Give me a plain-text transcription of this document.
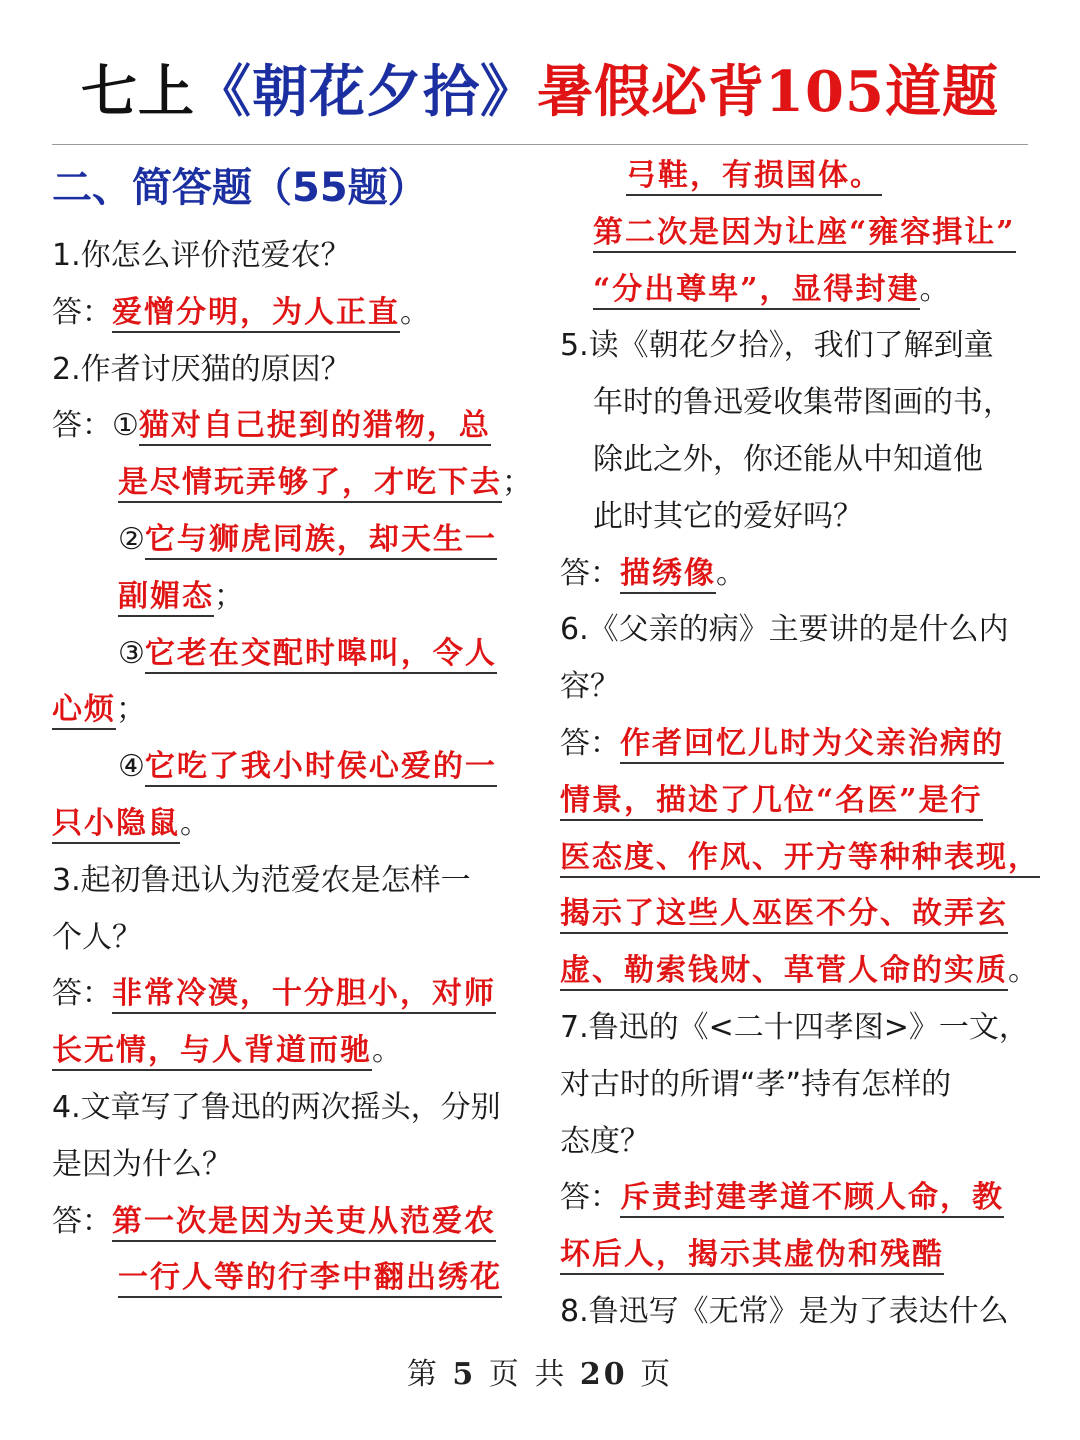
七上《朝花夕拾》暑假必背105道题
二、简答题（55题）
1.你怎么评价范爱农？
答：爱憎分明，为人正直。
2.作者讨厌猫的原因？
答：①猫对自己捉到的猎物，总
是尽情玩弄够了，才吃下去；
②它与狮虎同族，却天生一
副媚态；
③它老在交配时嗥叫，令人
心烦；
④它吃了我小时侯心爱的一
只小隐鼠。
3.起初鲁迅认为范爱农是怎样一
个人？
答：非常冷漠，十分胆小，对师
长无情，与人背道而驰。
4.文章写了鲁迅的两次摇头，分别
是因为什么？
答：第一次是因为关吏从范爱农
一行人等的行李中翻出绣花
弓鞋，有损国体。
第二次是因为让座“雍容揖让”
“分出尊卑”，显得封建。
5.读《朝花夕拾》，我们了解到童
年时的鲁迅爱收集带图画的书，
除此之外，你还能从中知道他
此时其它的爱好吗？
答：描绣像。
6.《父亲的病》主要讲的是什么内
容？
答：作者回忆儿时为父亲治病的
情景，描述了几位“名医”是行
医态度、作风、开方等种种表现，
揭示了这些人巫医不分、故弄玄
虚、勒索钱财、草菅人命的实质。
7.鲁迅的《<二十四孝图>》一文，
对古时的所谓“孝”持有怎样的
态度？
答：斥责封建孝道不顾人命，教
坏后人，揭示其虚伪和残酷
8.鲁迅写《无常》是为了表达什么
第 5 页 共 20 页
